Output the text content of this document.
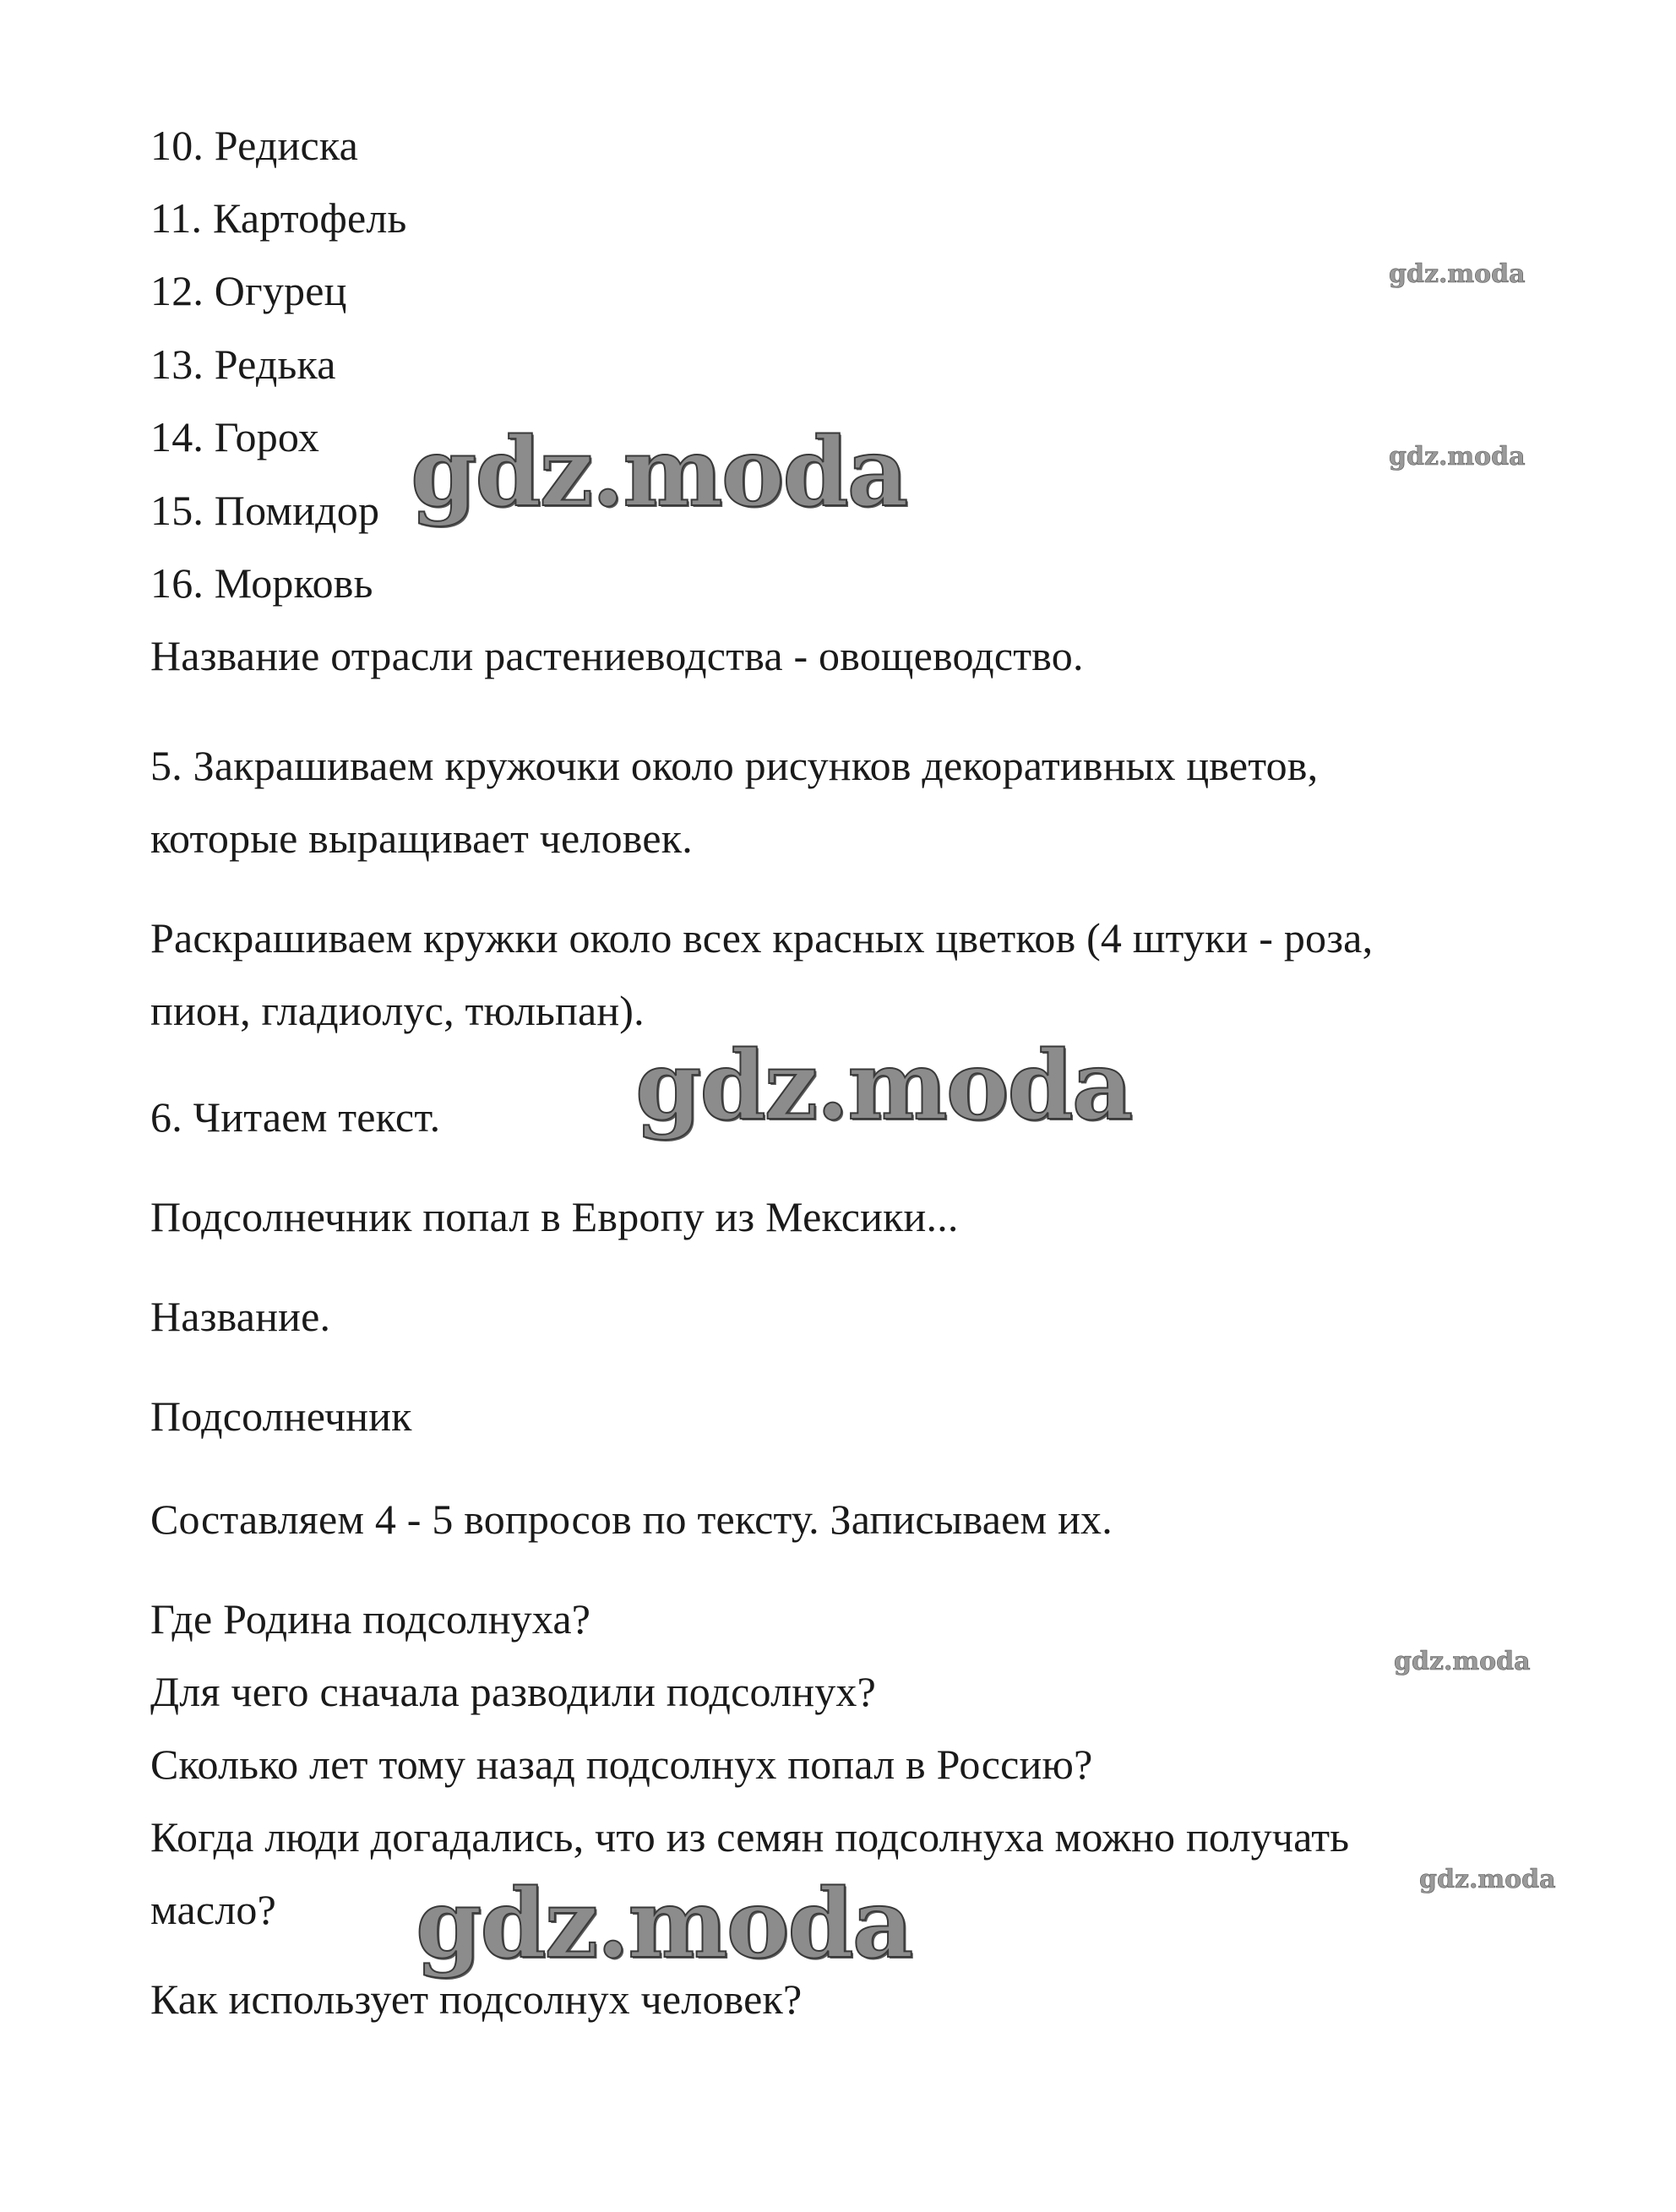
10. Редиска
11. Картофель
12. Огурец
13. Редька
14. Горох
15. Помидор
16. Морковь
Название отрасли растениеводства - овощеводство.
5. Закрашиваем кружочки около рисунков декоративных цветов,
которые выращивает человек.
Раскрашиваем кружки около всех красных цветков (4 штуки - роза,
пион, гладиолус, тюльпан).
6. Читаем текст.
Подсолнечник попал в Европу из Мексики...
Название.
Подсолнечник
Составляем 4 - 5 вопросов по тексту. Записываем их.
Где Родина подсолнуха?
Для чего сначала разводили подсолнух?
Сколько лет тому назад подсолнух попал в Россию?
Когда люди догадались, что из семян подсолнуха можно получать
масло?
Как использует подсолнух человек?
gdz.moda
gdz.moda
gdz.moda
gdz.moda
gdz.moda
gdz.moda
gdz.moda
